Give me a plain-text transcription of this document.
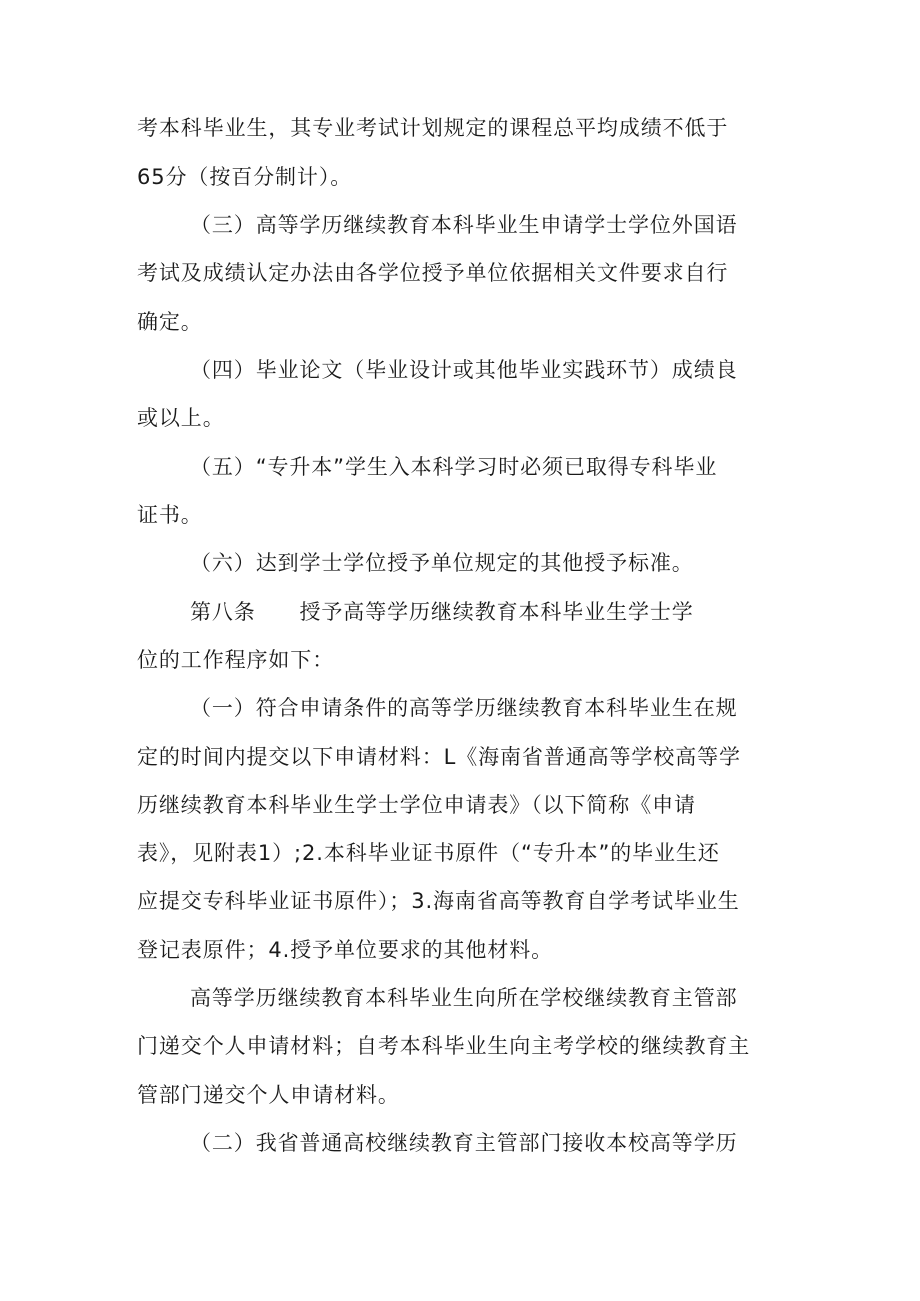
考本科毕业生，其专业考试计划规定的课程总平均成绩不低于
65分（按百分制计）。
（三）高等学历继续教育本科毕业生申请学士学位外国语
考试及成绩认定办法由各学位授予单位依据相关文件要求自行
确定。
（四）毕业论文（毕业设计或其他毕业实践环节）成绩良
或以上。
（五）“专升本”学生入本科学习时必须已取得专科毕业
证书。
（六）达到学士学位授予单位规定的其他授予标准。
第八条　　授予高等学历继续教育本科毕业生学士学
位的工作程序如下：
（一）符合申请条件的高等学历继续教育本科毕业生在规
定的时间内提交以下申请材料：L《海南省普通高等学校高等学
历继续教育本科毕业生学士学位申请表》（以下简称《申请
表》，见附表1）;2.本科毕业证书原件（“专升本”的毕业生还
应提交专科毕业证书原件）；3.海南省高等教育自学考试毕业生
登记表原件；4.授予单位要求的其他材料。
高等学历继续教育本科毕业生向所在学校继续教育主管部
门递交个人申请材料；自考本科毕业生向主考学校的继续教育主
管部门递交个人申请材料。
（二）我省普通高校继续教育主管部门接收本校高等学历
